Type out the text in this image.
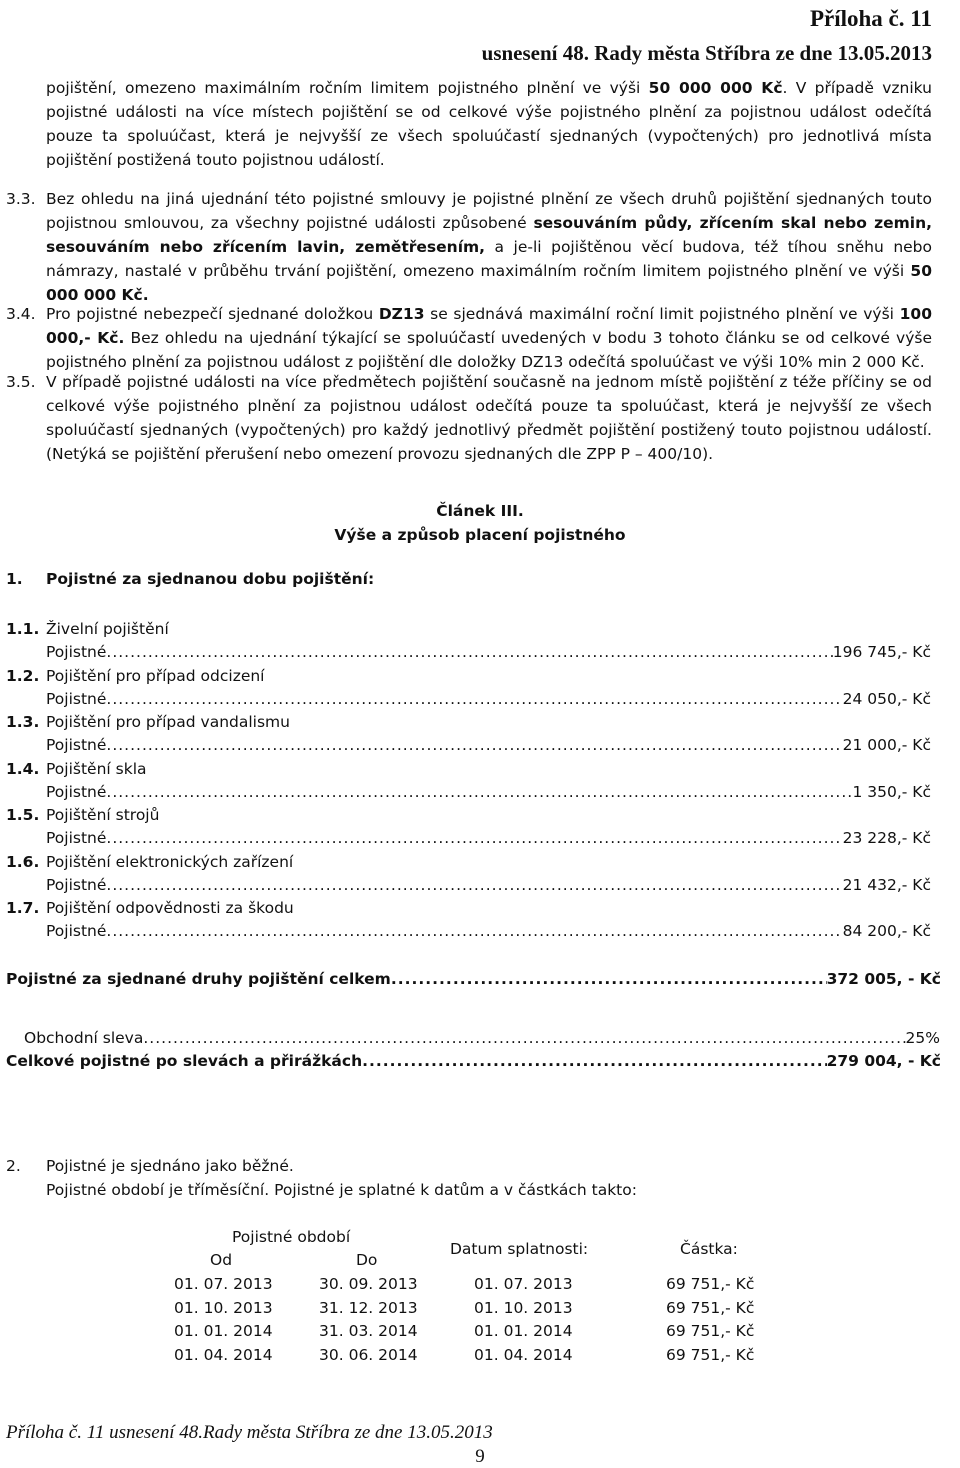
Příloha č. 11
usnesení 48. Rady města Stříbra ze dne 13.05.2013
pojištění, omezeno maximálním ročním limitem pojistného plnění ve výši 50 000 000 Kč. V případě vzniku pojistné události na více místech pojištění se od celkové výše pojistného plnění za pojistnou událost odečítá pouze ta spoluúčast, která je nejvyšší ze všech spoluúčastí sjednaných (vypočtených) pro jednotlivá místa pojištění postižená touto pojistnou událostí.
3.3. Bez ohledu na jiná ujednání této pojistné smlouvy je pojistné plnění ze všech druhů pojištění sjednaných touto pojistnou smlouvou, za všechny pojistné události způsobené sesouváním půdy, zřícením skal nebo zemin, sesouváním nebo zřícením lavin, zemětřesením, a je-li pojištěnou věcí budova, též tíhou sněhu nebo námrazy, nastalé v průběhu trvání pojištění, omezeno maximálním ročním limitem pojistného plnění ve výši 50 000 000 Kč.
3.4. Pro pojistné nebezpečí sjednané doložkou DZ13 se sjednává maximální roční limit pojistného plnění ve výši 100 000,- Kč. Bez ohledu na ujednání týkající se spoluúčastí uvedených v bodu 3 tohoto článku se od celkové výše pojistného plnění za pojistnou událost z pojištění dle doložky DZ13 odečítá spoluúčast ve výši 10% min 2 000 Kč.
3.5. V případě pojistné události na více předmětech pojištění současně na jednom místě pojištění z téže příčiny se od celkové výše pojistného plnění za pojistnou událost odečítá pouze ta spoluúčast, která je nejvyšší ze všech spoluúčastí sjednaných (vypočtených) pro každý jednotlivý předmět pojištění postižený touto pojistnou událostí. (Netýká se pojištění přerušení nebo omezení provozu sjednaných dle ZPP P – 400/10).
Článek III.
Výše a způsob placení pojistného
1. Pojistné za sjednanou dobu pojištění:
1.1. Živelní pojištění
Pojistné .....	196 745,- Kč
1.2. Pojištění pro případ odcizení
Pojistné .....	24 050,- Kč
1.3. Pojištění pro případ vandalismu
Pojistné .....	21 000,- Kč
1.4. Pojištění skla
Pojistné .....	1 350,- Kč
1.5. Pojištění strojů
Pojistné .....	23 228,- Kč
1.6. Pojištění elektronických zařízení
Pojistné .....	21 432,- Kč
1.7. Pojištění odpovědnosti za škodu
Pojistné .....	84 200,- Kč
Pojistné za sjednané druhy pojištění celkem .....	372 005, - Kč
Obchodní sleva .....	25%
Celkové pojistné po slevách a přirážkách .....	279 004, - Kč
2. Pojistné je sjednáno jako běžné.
Pojistné období je tříměsíční. Pojistné je splatné k datům a v částkách takto:
Pojistné období
Od	Do
Datum splatnosti:	Částka:
01. 07. 2013	30. 09. 2013	01. 07. 2013	69 751,- Kč
01. 10. 2013	31. 12. 2013	01. 10. 2013	69 751,- Kč
01. 01. 2014	31. 03. 2014	01. 01. 2014	69 751,- Kč
01. 04. 2014	30. 06. 2014	01. 04. 2014	69 751,- Kč
Příloha č. 11 usnesení 48.Rady města Stříbra ze dne 13.05.2013
9
